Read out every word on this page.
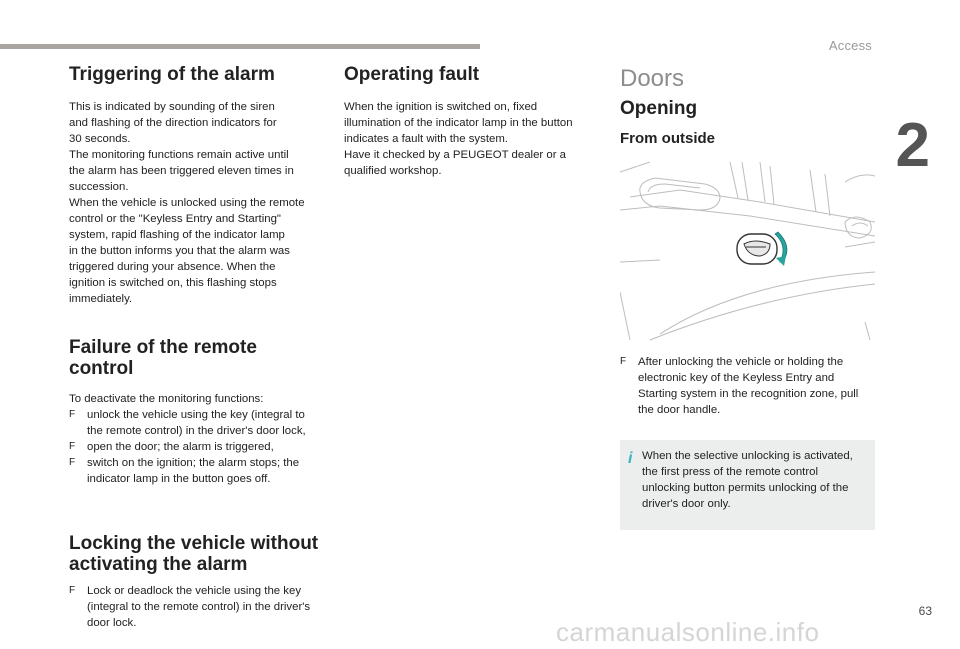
Access
2
Triggering of the alarm

This is indicated by sounding of the siren
and flashing of the direction indicators for
30 seconds.
The monitoring functions remain active until
the alarm has been triggered eleven times in
succession.
When the vehicle is unlocked using the remote
control or the "Keyless Entry and Starting"
system, rapid flashing of the indicator lamp
in the button informs you that the alarm was
triggered during your absence. When the
ignition is switched on, this flashing stops
immediately.

Failure of the remote
control

To deactivate the monitoring functions:

F unlock the vehicle using the key (integral to
the remote control) in the driver's door lock,
F open the door; the alarm is triggered,
F switch on the ignition; the alarm stops; the
indicator lamp in the button goes off.
Locking the vehicle without
activating the alarm
F Lock or deadlock the vehicle using the key
(integral to the remote control) in the driver's
door lock.
Operating fault

When the ignition is switched on, fixed
illumination of the indicator lamp in the button
indicates a fault with the system.
Have it checked by a PEUGEOT dealer or a
qualified workshop.

Doors
Opening
From outside
F After unlocking the vehicle or holding the
electronic key of the Keyless Entry and
Starting system in the recognition zone, pull
the door handle.
i When the selective unlocking is activated,
the first press of the remote control
unlocking button permits unlocking of the
driver's door only.

63
carmanualsonline.info
